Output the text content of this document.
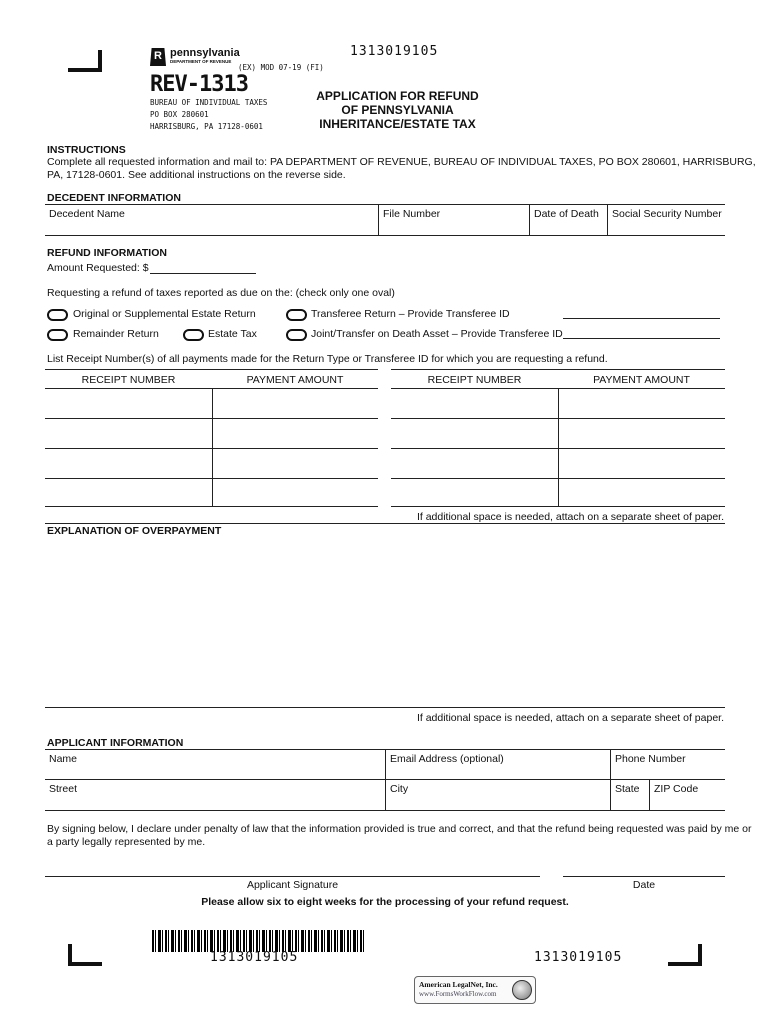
1313019105
R pennsylvania
DEPARTMENT OF REVENUE
(EX) MOD 07-19 (FI)
REV-1313
BUREAU OF INDIVIDUAL TAXES
PO BOX 280601
HARRISBURG, PA 17128-0601
APPLICATION FOR REFUND
OF PENNSYLVANIA
INHERITANCE/ESTATE TAX
INSTRUCTIONS
Complete all requested information and mail to: PA DEPARTMENT OF REVENUE, BUREAU OF INDIVIDUAL TAXES, PO BOX 280601, HARRISBURG,
PA, 17128-0601. See additional instructions on the reverse side.
DECEDENT INFORMATION
Decedent Name	File Number	Date of Death Social Security Number
REFUND INFORMATION
Amount Requested: $
Requesting a refund of taxes reported as due on the: (check only one oval)
Original or Supplemental Estate Return	Transferee Return – Provide Transferee ID
Remainder Return	Estate Tax	Joint/Transfer on Death Asset – Provide Transferee ID
List Receipt Number(s) of all payments made for the Return Type or Transferee ID for which you are requesting a refund.
RECEIPT NUMBER	PAYMENT AMOUNT	RECEIPT NUMBER	PAYMENT AMOUNT
If additional space is needed, attach on a separate sheet of paper.
EXPLANATION OF OVERPAYMENT
If additional space is needed, attach on a separate sheet of paper.
APPLICANT INFORMATION
Name	Email Address (optional)	Phone Number
Street	City	State ZIP Code
By signing below, I declare under penalty of law that the information provided is true and correct, and that the refund being requested was paid by me or
a party legally represented by me.
Applicant Signature	Date
Please allow six to eight weeks for the processing of your refund request.
1313019105	1313019105
American LegalNet, Inc.
www.FormsWorkFlow.com
